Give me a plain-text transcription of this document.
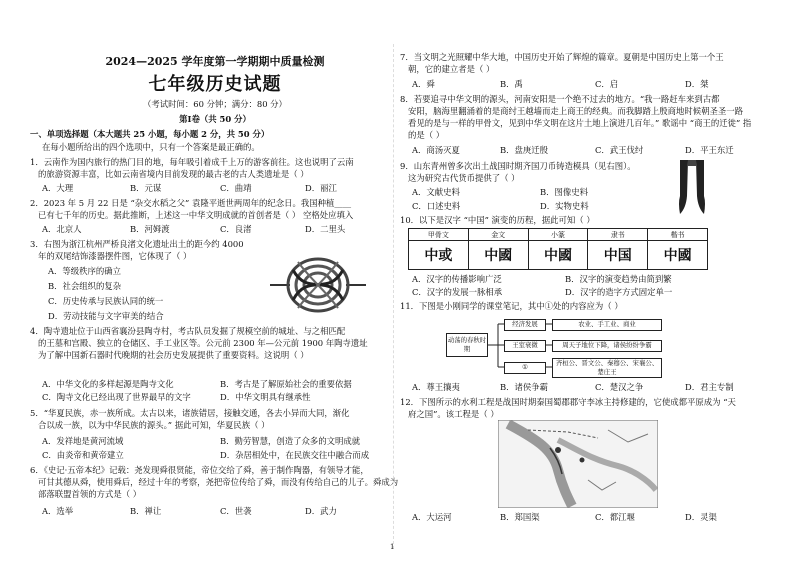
2024—2025 学年度第一学期期中质量检测
七年级历史试题
（考试时间：60 分钟；满分：80 分）
第Ⅰ卷（共 50 分）
一、单项选择题（本大题共 25 小题，每小题 2 分，共 50 分）
在每小题所给出的四个选项中，只有一个答案是最正确的。
1．云南作为国内旅行的热门目的地，每年吸引着成千上万的游客前往。这也说明了云南
的旅游资源丰富，比如云南省境内目前发现的最古老的古人类遗址是（ ）
A．大理	B．元谋	C．曲靖	D．丽江
2．2023 年 5 月 22 日是 “杂交水稻之父” 袁隆平逝世两周年的纪念日。我国种植____
已有七千年的历史。据此推断，上述这一中华文明成就的首创者是（ ） 空格处应填入
A．北京人	B．河姆渡	C．良渚	D．二里头
3．右图为浙江杭州严桥良渚文化遗址出土的距今约 4000
年的双尾结饰漆器摆件图，它体现了（ ）
A．等级秩序的确立
B．社会组织的复杂
C．历史传承与民族认同的统一
D．劳动技能与文字审美的结合
4．陶寺遗址位于山西省襄汾县陶寺村，考古队员发掘了规模空前的城址、与之相匹配
的王墓和宫殿、独立的仓储区、手工业区等。公元前 2300 年—公元前 1900 年陶寺遗址
为了解中国新石器时代晚期的社会历史发展提供了重要资料。这说明（ ）
A．中华文化的多样起源是陶寺文化	B．考古是了解原始社会的重要依据
C．陶寺文化已经出现了世界最早的文字	D．中华文明具有继承性
5．“华夏民族，赤一族所成。太古以来，诸族错居，接触交通，各去小异而大同，渐化
合以成一族，以为中华民族的源头。” 据此可知，华夏民族（ ）
A．发祥地是黄河流域	B．勤劳智慧，创造了众多的文明成就
C．由炎帝和黄帝建立	D．杂居相处中，在民族交往中融合而成
6．《史记·五帝本纪》记载：尧发现舜很贤能，帝位交给了舜，善于制作陶器，有领导才能，
可甘其德从舜，使用舜后，经过十年的考察，尧把帝位传给了舜，而没有传给自己的儿子。舜成为
部落联盟首领的方式是（ ）
A．选举	B．禅让	C．世袭	D．武力
7．当文明之光照耀中华大地，中国历史开始了辉煌的篇章。夏朝是中国历史上第一个王
朝，它的建立者是（ ）
A．舜	B．禹	C．启	D．桀
8．若要追寻中华文明的源头，河南安阳是一个绝不过去的地方。“我一路赶车来到古都
安阳，脑海里翻涌着的是商纣王越墙而走上商王的经典。而我脚踏上殷商地时候朝圣圣一路
看见的是与一样的甲骨文，见到中华文明在这片土地上演进几百年。” 歌谣中 “商王的迁徙” 指
的是（ ）
A．商汤灭夏	B．盘庚迁殷	C．武王伐纣	D．平王东迁
9．山东青州曾多次出土战国时期齐国刀币铸造模具（见右图）。
这为研究古代货币提供了（ ）
A．文献史料	B．图像史料
C．口述史料	D．实物史料
10．以下是汉字 “中国” 演变的历程，据此可知（ ）
甲骨文	金文	小篆	隶书	楷书
中或	中國	中國	中国	中國
A．汉字的传播影响广泛	B．汉字的演变趋势由简到繁
C．汉字的发展一脉相承	D．汉字的造字方式固定单一
11．下图是小刚同学的课堂笔记，其中①处的内容应为（ ）
动荡的春秋时期
经济发展
王室衰微
①
农业、手工业、商业
周天子地位下降，诸侯纷纷争霸
齐桓公、晋文公、秦穆公、宋襄公、楚庄王
A．尊王攘夷	B．诸侯争霸	C．楚汉之争	D．君主专制
12．下图所示的水利工程是战国时期秦国蜀郡郡守李冰主持修建的，它使成都平原成为 “天
府之国”。该工程是（ ）
A．大运河	B．郑国渠	C．都江堰	D．灵渠
1
